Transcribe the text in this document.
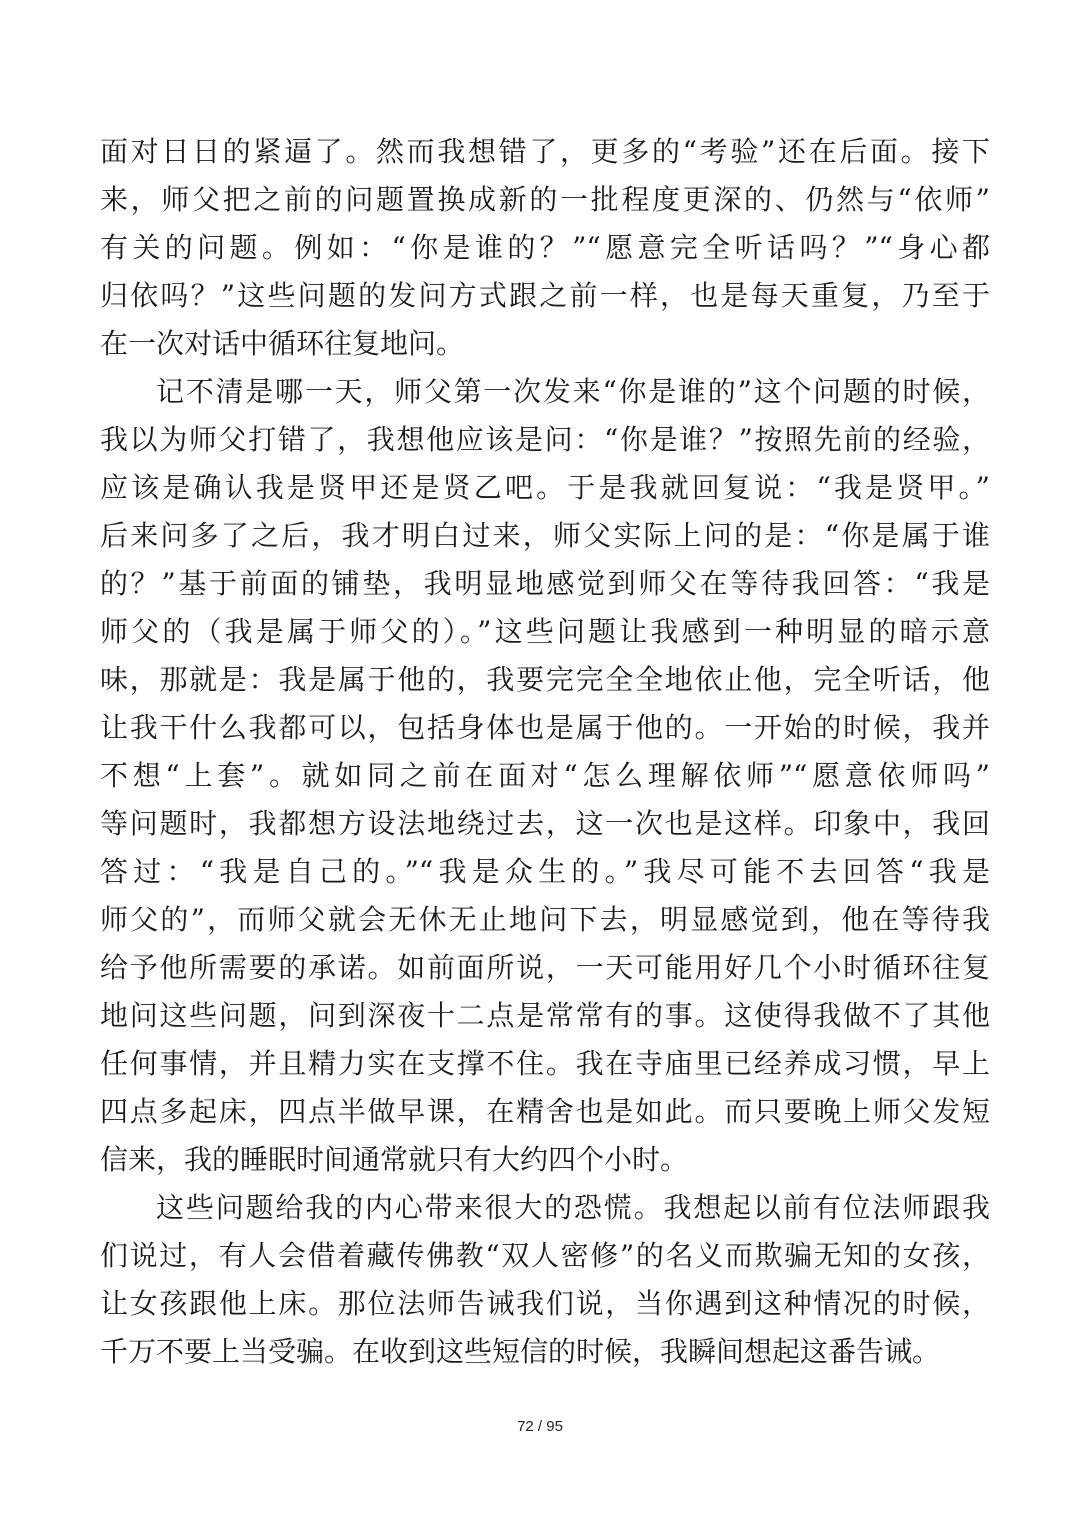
面对日日的紧逼了。然而我想错了，更多的“考验”还在后面。接下
来，师父把之前的问题置换成新的一批程度更深的、仍然与“依师”
有关的问题。例如：“你是谁的？”“愿意完全听话吗？”“身心都
归依吗？”这些问题的发问方式跟之前一样，也是每天重复，乃至于
在一次对话中循环往复地问。
记不清是哪一天，师父第一次发来“你是谁的”这个问题的时候，
我以为师父打错了，我想他应该是问：“你是谁？”按照先前的经验，
应该是确认我是贤甲还是贤乙吧。于是我就回复说：“我是贤甲。”
后来问多了之后，我才明白过来，师父实际上问的是：“你是属于谁
的？”基于前面的铺垫，我明显地感觉到师父在等待我回答：“我是
师父的（我是属于师父的）。”这些问题让我感到一种明显的暗示意
味，那就是：我是属于他的，我要完完全全地依止他，完全听话，他
让我干什么我都可以，包括身体也是属于他的。一开始的时候，我并
不想“上套”。就如同之前在面对“怎么理解依师”“愿意依师吗”
等问题时，我都想方设法地绕过去，这一次也是这样。印象中，我回
答过：“我是自己的。”“我是众生的。”我尽可能不去回答“我是
师父的”，而师父就会无休无止地问下去，明显感觉到，他在等待我
给予他所需要的承诺。如前面所说，一天可能用好几个小时循环往复
地问这些问题，问到深夜十二点是常常有的事。这使得我做不了其他
任何事情，并且精力实在支撑不住。我在寺庙里已经养成习惯，早上
四点多起床，四点半做早课，在精舍也是如此。而只要晚上师父发短
信来，我的睡眠时间通常就只有大约四个小时。
这些问题给我的内心带来很大的恐慌。我想起以前有位法师跟我
们说过，有人会借着藏传佛教“双人密修”的名义而欺骗无知的女孩，
让女孩跟他上床。那位法师告诫我们说，当你遇到这种情况的时候，
千万不要上当受骗。在收到这些短信的时候，我瞬间想起这番告诫。
72 / 95
